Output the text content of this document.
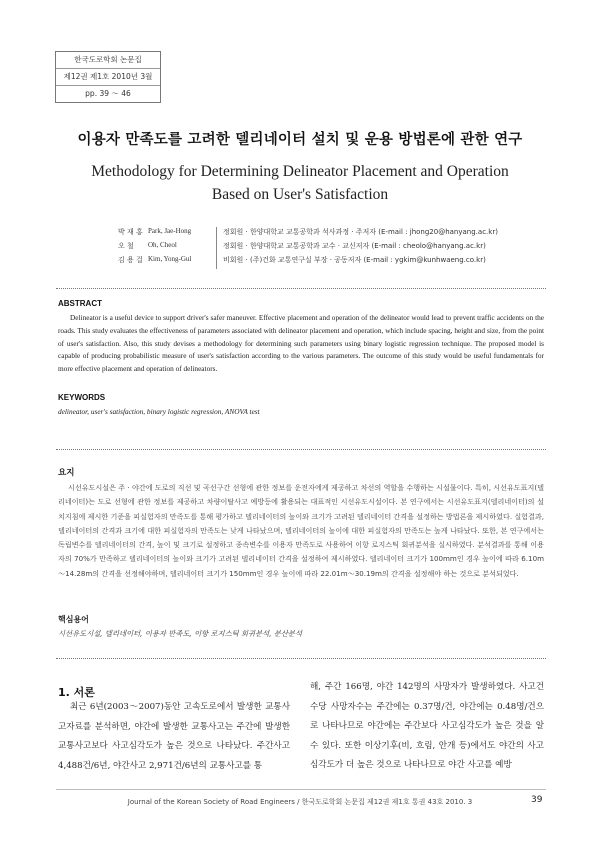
한국도로학회 논문집
제12권 제1호 2010년 3월
pp. 39 ～ 46
이용자 만족도를 고려한 델리네이터 설치 및 운용 방법론에 관한 연구
Methodology for Determining Delineator Placement and Operation
Based on User's Satisfaction
박 재 홍 Park, Jae-Hong	정회원 · 한양대학교 교통공학과 석사과정 · 주저자 (E-mail : jhong20@hanyang.ac.kr)
오 철	Oh, Cheol	정회원 · 한양대학교 교통공학과 교수 · 교신저자 (E-mail : cheolo@hanyang.ac.kr)
김 용 걸 Kim, Yong-Gul	비회원 · (주)건화 교통연구실 부장 · 공동저자 (E-mail : ygkim@kunhwaeng.co.kr)
ABSTRACT
Delineator is a useful device to support driver's safer maneuver. Effective placement and operation of the delineator would lead to prevent traffic accidents on the roads. This study evaluates the effectiveness of parameters associated with delineator placement and operation, which include spacing, height and size, from the point of user's satisfaction. Also, this study devises a methodology for determining such parameters using binary logistic regression technique. The proposed model is capable of producing probabilistic measure of user's satisfaction according to the various parameters. The outcome of this study would be useful fundamentals for more effective placement and operation of delineators.
KEYWORDS
delineator, user's satisfaction, binary logistic regression, ANOVA test
요지
시선유도시설은 주 · 야간에 도로의 직선 및 곡선구간 선형에 관한 정보를 운전자에게 제공하고 차선의 역할을 수행하는 시설물이다. 특히, 시선유도표지(델리네이터)는 도로 선형에 관한 정보를 제공하고 차량이탈사고 예방등에 활용되는 대표적인 시선유도시설이다. 본 연구에서는 시선유도표지(델리네이터)의 설치지침에 제시한 기준을 피실험자의 만족도를 통해 평가하고 델리네이터의 높이와 크기가 고려된 델리네이터 간격을 설정하는 방법론을 제시하였다. 실험결과, 델리네이터의 간격과 크기에 대한 피실험자의 만족도는 낮게 나타났으며, 델리네이터의 높이에 대한 피실험자의 만족도는 높게 나타났다. 또한, 본 연구에서는 독립변수를 델리네이터의 간격, 높이 및 크기로 설정하고 종속변수를 이용자 만족도로 사용하여 이항 로지스틱 회귀분석을 실시하였다. 분석결과를 통해 이용자의 70%가 만족하고 델리네이터의 높이와 크기가 고려된 델리네이터 간격을 설정하여 제시하였다. 델리네이터 크기가 100mm인 경우 높이에 따라 6.10m～14.28m의 간격을 선정해야하며, 델리네이터 크기가 150mm인 경우 높이에 따라 22.01m～30.19m의 간격을 설정해야 하는 것으로 분석되었다.
핵심용어
시선유도시설, 델리네이터, 이용자 만족도, 이항 로지스틱 회귀분석, 분산분석
1. 서론
최근 6년(2003～2007)동안 고속도로에서 발생한 교통사고자료를 분석하면, 야간에 발생한 교통사고는 주간에 발생한 교통사고보다 사고심각도가 높은 것으로 나타났다. 주간사고 4,488건/6년, 야간사고 2,971건/6년의 교통사고를 통
해, 주간 166명, 야간 142명의 사망자가 발생하였다. 사고건수당 사망자수는 주간에는 0.37명/건, 야간에는 0.48명/건으로 나타나므로 야간에는 주간보다 사고심각도가 높은 것을 알 수 있다. 또한 이상기후(비, 흐림, 안개 등)에서도 야간의 사고심각도가 더 높은 것으로 나타나므로 야간 사고를 예방
Journal of the Korean Society of Road Engineers / 한국도로학회 논문집 제12권 제1호 통권 43호 2010. 3	39
